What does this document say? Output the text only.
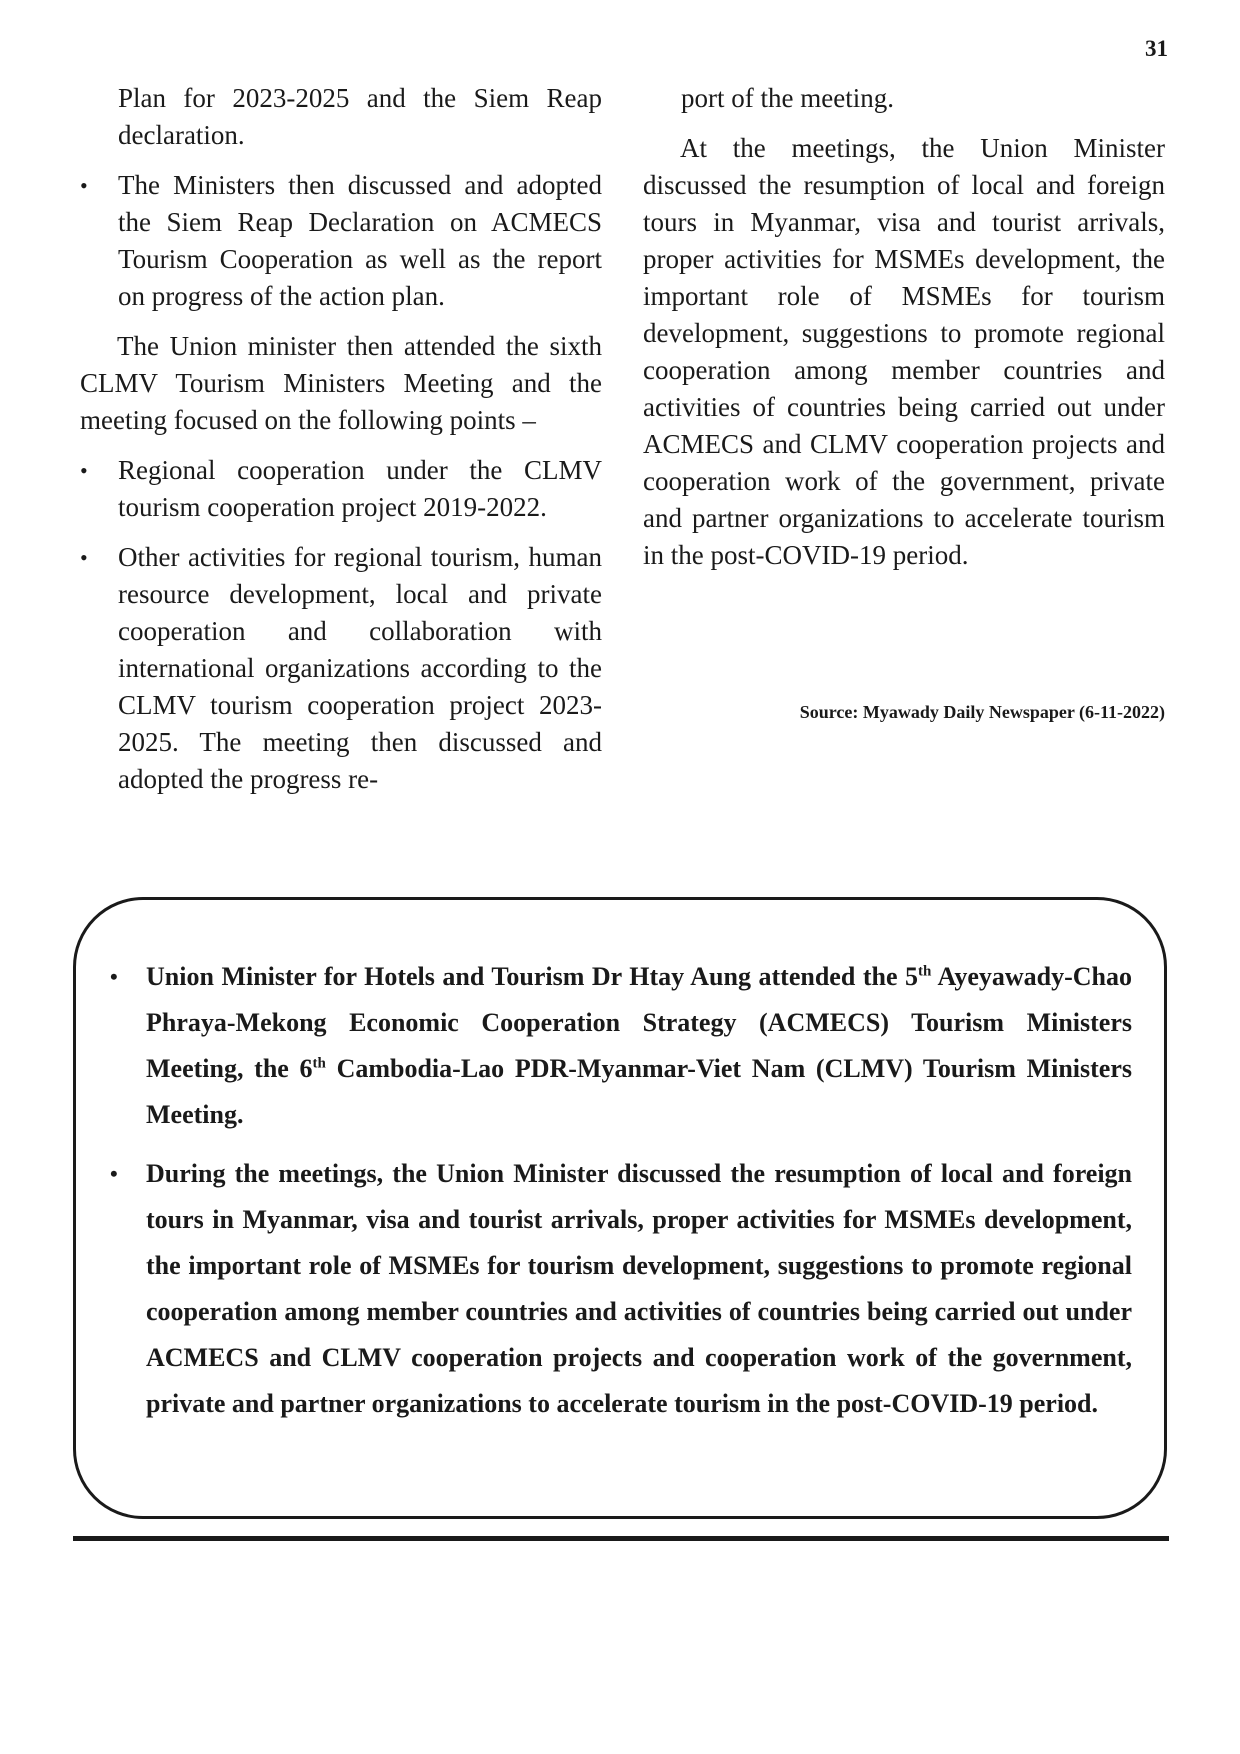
31

Plan for 2023-2025 and the Siem Reap declaration.

• The Ministers then discussed and adopted the Siem Reap Declaration on ACMECS Tourism Cooperation as well as the report on progress of the action plan.

The Union minister then attended the sixth CLMV Tourism Ministers Meeting and the meeting focused on the following points –

• Regional cooperation under the CLMV tourism cooperation project 2019-2022.
• Other activities for regional tourism, human resource development, local and private cooperation and collaboration with international organizations according to the CLMV tourism cooperation project 2023-2025. The meeting then discussed and adopted the progress re-

port of the meeting.

At the meetings, the Union Minister discussed the resumption of local and foreign tours in Myanmar, visa and tourist arrivals, proper activities for MSMEs development, the important role of MSMEs for tourism development, suggestions to promote regional cooperation among member countries and activities of countries being carried out under ACMECS and CLMV cooperation projects and cooperation work of the government, private and partner organizations to accelerate tourism in the post-COVID-19 period.

Source: Myawady Daily Newspaper (6-11-2022)
• Union Minister for Hotels and Tourism Dr Htay Aung attended the 5th Ayeyawady-Chao Phraya-Mekong Economic Cooperation Strategy (ACMECS) Tourism Ministers Meeting, the 6th Cambodia-Lao PDR-Myanmar-Viet Nam (CLMV) Tourism Ministers Meeting.
• During the meetings, the Union Minister discussed the resumption of local and foreign tours in Myanmar, visa and tourist arrivals, proper activities for MSMEs development, the important role of MSMEs for tourism development, suggestions to promote regional cooperation among member countries and activities of countries being carried out under ACMECS and CLMV cooperation projects and cooperation work of the government, private and partner organizations to accelerate tourism in the post-COVID-19 period.
